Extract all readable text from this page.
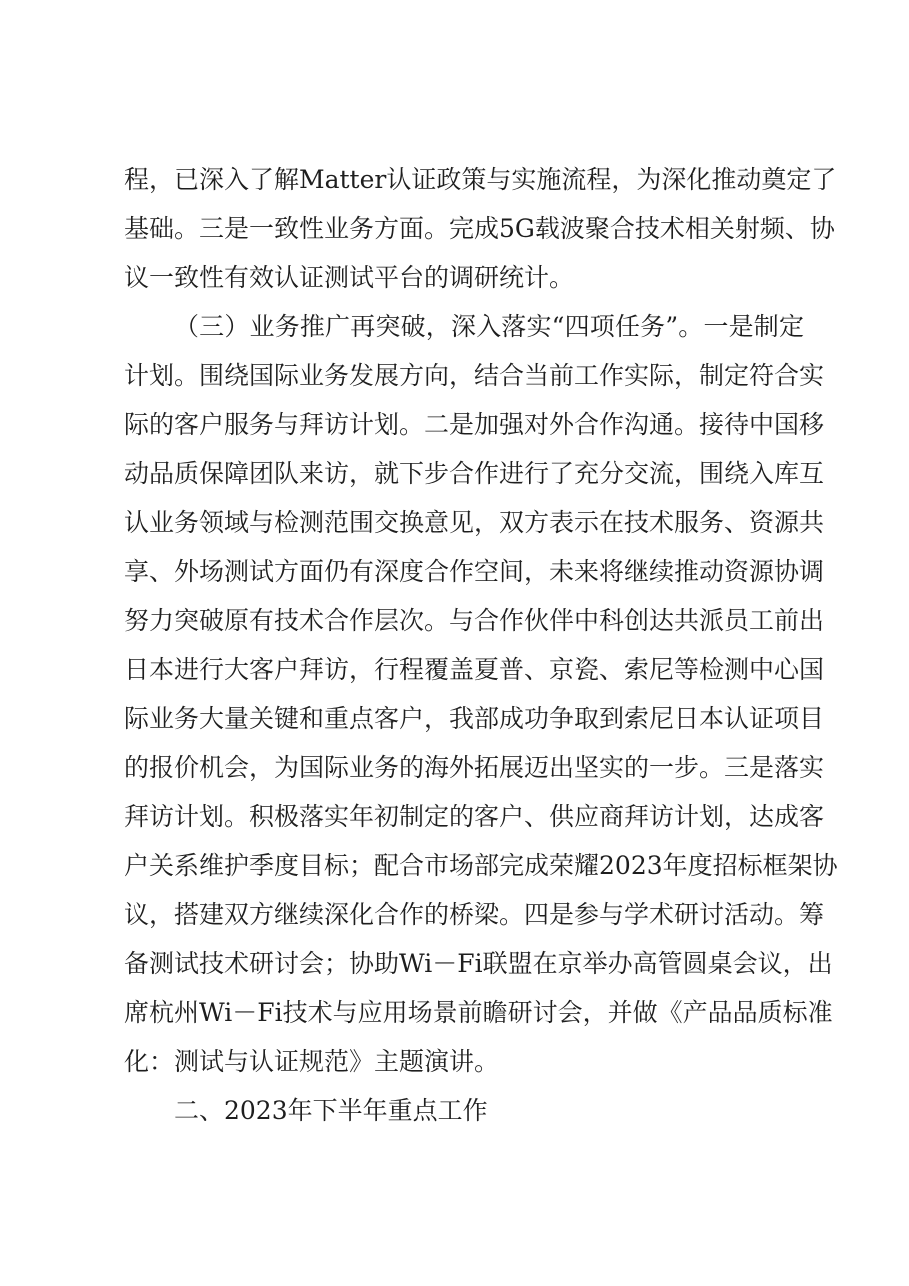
程，已深入了解Matter认证政策与实施流程，为深化推动奠定了
基础。三是一致性业务方面。完成5G载波聚合技术相关射频、协
议一致性有效认证测试平台的调研统计。
（三）业务推广再突破，深入落实“四项任务”。一是制定
计划。围绕国际业务发展方向，结合当前工作实际，制定符合实
际的客户服务与拜访计划。二是加强对外合作沟通。接待中国移
动品质保障团队来访，就下步合作进行了充分交流，围绕入库互
认业务领域与检测范围交换意见，双方表示在技术服务、资源共
享、外场测试方面仍有深度合作空间，未来将继续推动资源协调
努力突破原有技术合作层次。与合作伙伴中科创达共派员工前出
日本进行大客户拜访，行程覆盖夏普、京瓷、索尼等检测中心国
际业务大量关键和重点客户，我部成功争取到索尼日本认证项目
的报价机会，为国际业务的海外拓展迈出坚实的一步。三是落实
拜访计划。积极落实年初制定的客户、供应商拜访计划，达成客
户关系维护季度目标；配合市场部完成荣耀2023年度招标框架协
议，搭建双方继续深化合作的桥梁。四是参与学术研讨活动。筹
备测试技术研讨会；协助Wi－Fi联盟在京举办高管圆桌会议，出
席杭州Wi－Fi技术与应用场景前瞻研讨会，并做《产品品质标准
化：测试与认证规范》主题演讲。
二、2023年下半年重点工作
